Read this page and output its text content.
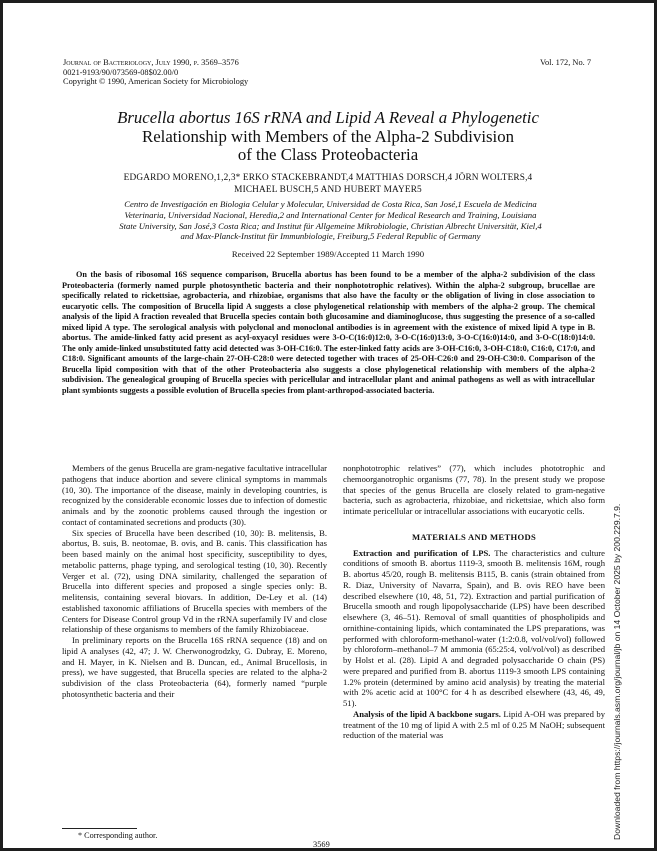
Journal of Bacteriology, July 1990, p. 3569–3576
0021-9193/90/073569-08$02.00/0
Copyright © 1990, American Society for Microbiology
Vol. 172, No. 7
Brucella abortus 16S rRNA and Lipid A Reveal a Phylogenetic
Relationship with Members of the Alpha-2 Subdivision
of the Class Proteobacteria
EDGARDO MORENO,1,2,3* ERKO STACKEBRANDT,4 MATTHIAS DORSCH,4 JÖRN WOLTERS,4
MICHAEL BUSCH,5 AND HUBERT MAYER5
Centro de Investigación en Biologia Celular y Molecular, Universidad de Costa Rica, San José,1 Escuela de Medicina
Veterinaria, Universidad Nacional, Heredia,2 and International Center for Medical Research and Training, Louisiana
State University, San José,3 Costa Rica; and Institut für Allgemeine Mikrobiologie, Christian Albrecht Universität, Kiel,4
and Max-Planck-Institut für Immunbiologie, Freiburg,5 Federal Republic of Germany
Received 22 September 1989/Accepted 11 March 1990

On the basis of ribosomal 16S sequence comparison, Brucella abortus has been found to be a member of the alpha-2 subdivision of the class Proteobacteria (formerly named purple photosynthetic bacteria and their nonphototrophic relatives). Within the alpha-2 subgroup, brucellae are specifically related to rickettsiae, agrobacteria, and rhizobiae, organisms that also have the faculty or the obligation of living in close association to eucaryotic cells. The composition of Brucella lipid A suggests a close phylogenetical relationship with members of the alpha-2 group. The chemical analysis of the lipid A fraction revealed that Brucella species contain both glucosamine and diaminoglucose, thus suggesting the presence of a so-called mixed lipid A type. The serological analysis with polyclonal and monoclonal antibodies is in agreement with the existence of mixed lipid A type in B. abortus. The amide-linked fatty acid present as acyl-oxyacyl residues were 3-O-C(16:0)12:0, 3-O-C(16:0)13:0, 3-O-C(16:0)14:0, and 3-O-C(18:0)14:0. The only amide-linked unsubstituted fatty acid detected was 3-OH-C16:0. The ester-linked fatty acids are 3-OH-C16:0, 3-OH-C18:0, C16:0, C17:0, and C18:0. Significant amounts of the large-chain 27-OH-C28:0 were detected together with traces of 25-OH-C26:0 and 29-OH-C30:0. Comparison of the Brucella lipid composition with that of the other Proteobacteria also suggests a close phylogenetical relationship with members of the alpha-2 subdivision. The genealogical grouping of Brucella species with pericellular and intracellular plant and animal pathogens as well as with intracellular plant symbionts suggests a possible evolution of Brucella species from plant-arthropod-associated bacteria.

Members of the genus Brucella are gram-negative facultative intracellular pathogens that induce abortion and severe clinical symptoms in mammals (10, 30). The importance of the disease, mainly in developing countries, is recognized by the considerable economic losses due to infection of domestic animals and by the zoonotic problems caused through the ingestion or contact of contaminated secretions and products (30).

Six species of Brucella have been described (10, 30): B. melitensis, B. abortus, B. suis, B. neotomae, B. ovis, and B. canis. This classification has been based mainly on the animal host specificity, susceptibility to dyes, metabolic patterns, phage typing, and serological testing (10, 30). Recently Verger et al. (72), using DNA similarity, challenged the separation of Brucella into different species and proposed a single species only: B. melitensis, containing several biovars. In addition, De-Ley et al. (14) established taxonomic affiliations of Brucella species with members of the Centers for Disease Control group Vd in the rRNA superfamily IV and close relationship of these organisms to members of the family Rhizobiaceae.

In preliminary reports on the Brucella 16S rRNA sequence (18) and on lipid A analyses (42, 47; J. W. Cherwonogrodzky, G. Dubray, E. Moreno, and H. Mayer, in K. Nielsen and B. Duncan, ed., Animal Brucellosis, in press), we have suggested, that Brucella species are related to the alpha-2 subdivision of the class Proteobacteria (64), formerly named “purple photosynthetic bacteria and their

nonphototrophic relatives” (77), which includes phototrophic and chemoorganotrophic organisms (77, 78). In the present study we propose that species of the genus Brucella are closely related to gram-negative bacteria, such as agrobacteria, rhizobiae, and rickettsiae, which also form intimate pericellular or intracellular associations with eucaryotic cells.

MATERIALS AND METHODS

Extraction and purification of LPS. The characteristics and culture conditions of smooth B. abortus 1119-3, smooth B. melitensis 16M, rough B. abortus 45/20, rough B. melitensis B115, B. canis (strain obtained from R. Diaz, University of Navarra, Spain), and B. ovis REO have been described elsewhere (10, 48, 51, 72). Extraction and partial purification of Brucella smooth and rough lipopolysaccharide (LPS) have been described elsewhere (3, 46–51). Removal of small quantities of phospholipids and ornithine-containing lipids, which contaminated the LPS preparations, was performed with chloroform-methanol-water (1:2:0.8, vol/vol/vol) followed by chloroform–methanol–7 M ammonia (65:25:4, vol/vol/vol) as described by Holst et al. (28). Lipid A and degraded polysaccharide O chain (PS) were prepared and purified from B. abortus 1119-3 smooth LPS containing 1.2% protein (determined by amino acid analysis) by treating the material with 2% acetic acid at 100°C for 4 h as described elsewhere (43, 46, 49, 51).

Analysis of the lipid A backbone sugars. Lipid A-OH was prepared by treatment of the 10 mg of lipid A with 2.5 ml of 0.25 M NaOH; subsequent reduction of the material was

* Corresponding author.
3569
Downloaded from https://journals.asm.org/journal/jb on 14 October 2025 by 200.229.7.9.
